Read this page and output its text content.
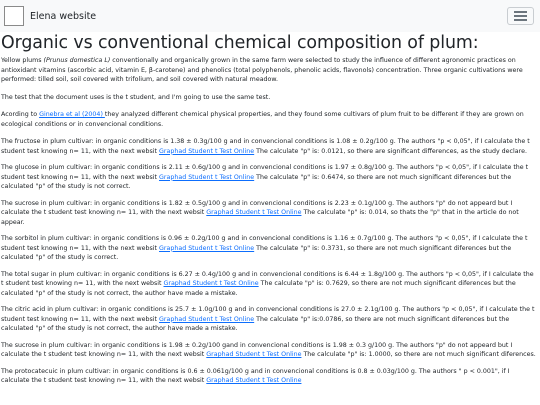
Elena website
Organic vs conventional chemical composition of plum:

Yellow plums (Prunus domestica L) conventionally and organically grown in the same farm were selected to study the influence of different agronomic practices on antioxidant vitamins (ascorbic acid, vitamin E, β-carotene) and phenolics (total polyphenols, phenolic acids, flavonols) concentration. Three organic cultivations were performed: tilled soil, soil covered with trifolium, and soil covered with natural meadow.

The test that the document uses is the t student, and I'm going to use the same test.

Acording to Ginebra et al (2004) they analyzed different chemical physical properties, and they found some cultivars of plum fruit to be different if they are grown on ecological conditions or in convencional conditions.

The fructose in plum cultivar: in organic conditions is 1.38 ± 0.3g/100 g and in convencional conditions is 1.08 ± 0.2g/100 g. The authors "p < 0,05", if I calculate the t student test knowing n= 11, with the next websit Graphad Student t Test Online The calculate "p" is: 0.0121, so there are significant differences, as the study declare.

The glucose in plum cultivar: in organic conditions is 2.11 ± 0.6g/100 g and in convencional conditions is 1.97 ± 0.8g/100 g. The authors "p < 0,05", if I calculate the t student test knowing n= 11, with the next websit Graphad Student t Test Online The calculate "p" is: 0.6474, so there are not much significant diferences but the calculated "p" of the study is not correct.

The sucrose in plum cultivar: in organic conditions is 1.82 ± 0.5g/100 g and in convencional conditions is 2.23 ± 0.1g/100 g. The authors "p" do not appeard but I calculate the t student test knowing n= 11, with the next websit Graphad Student t Test Online The calculate "p" is: 0.014, so thats the "p" that in the article do not appear.

The sorbitol in plum cultivar: in organic conditions is 0.96 ± 0.2g/100 g and in convencional conditions is 1.16 ± 0.7g/100 g. The authors "p < 0,05", if I calculate the t student test knowing n= 11, with the next websit Graphad Student t Test Online The calculate "p" is: 0.3731, so there are not much significant diferences but the calculated "p" of the study is correct.

The total sugar in plum cultivar: in organic conditions is 6.27 ± 0.4g/100 g and in convencional conditions is 6.44 ± 1.8g/100 g. The authors "p < 0,05", if I calculate the t student test knowing n= 11, with the next websit Graphad Student t Test Online The calculate "p" is: 0.7629, so there are not much significant diferences but the calculated "p" of the study is not correct, the author have made a mistake.

The citric acid in plum cultivar: in organic conditions is 25.7 ± 1.0g/100 g and in convencional conditions is 27.0 ± 2.1g/100 g. The authors "p < 0,05", if I calculate the t student test knowing n= 11, with the next websit Graphad Student t Test Online The calculate "p" is:0.0786, so there are not much significant diferences but the calculated "p" of the study is not correct, the author have made a mistake.

The sucrose in plum cultivar: in organic conditions is 1.98 ± 0.2g/100 gand in convencional conditions is 1.98 ± 0.3 g/100 g. The authors "p" do not appeard but I calculate the t student test knowing n= 11, with the next websit Graphad Student t Test Online The calculate "p" is: 1.0000, so there are not much significant diferences.

The protocatecuic in plum cultivar: in organic conditions is 0.6 ± 0.061g/100 g and in convencional conditions is 0.8 ± 0.03g/100 g. The authors " p < 0.001", if I calculate the t student test knowing n= 11, with the next websit Graphad Student t Test Online
